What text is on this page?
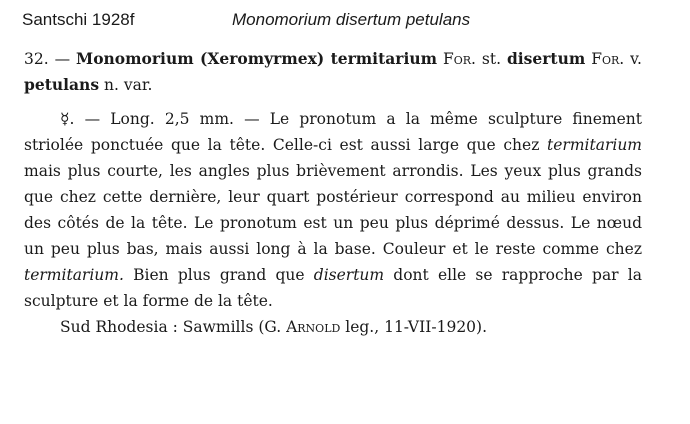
Santschi 1928f	Monomorium disertum petulans

32. — Monomorium (Xeromyrmex) termitarium For. st. disertum For. v. petulans n. var.

☿. — Long. 2,5 mm. — Le pronotum a la même sculpture finement striolée ponctuée que la tête. Celle-ci est aussi large que chez termitarium mais plus courte, les angles plus brièvement arrondis. Les yeux plus grands que chez cette dernière, leur quart postérieur correspond au milieu environ des côtés de la tête. Le pronotum est un peu plus déprimé dessus. Le nœud un peu plus bas, mais aussi long à la base. Couleur et le reste comme chez termitarium. Bien plus grand que disertum dont elle se rapproche par la sculpture et la forme de la tête.

Sud Rhodesia : Sawmills (G. Arnold leg., 11-VII-1920).
